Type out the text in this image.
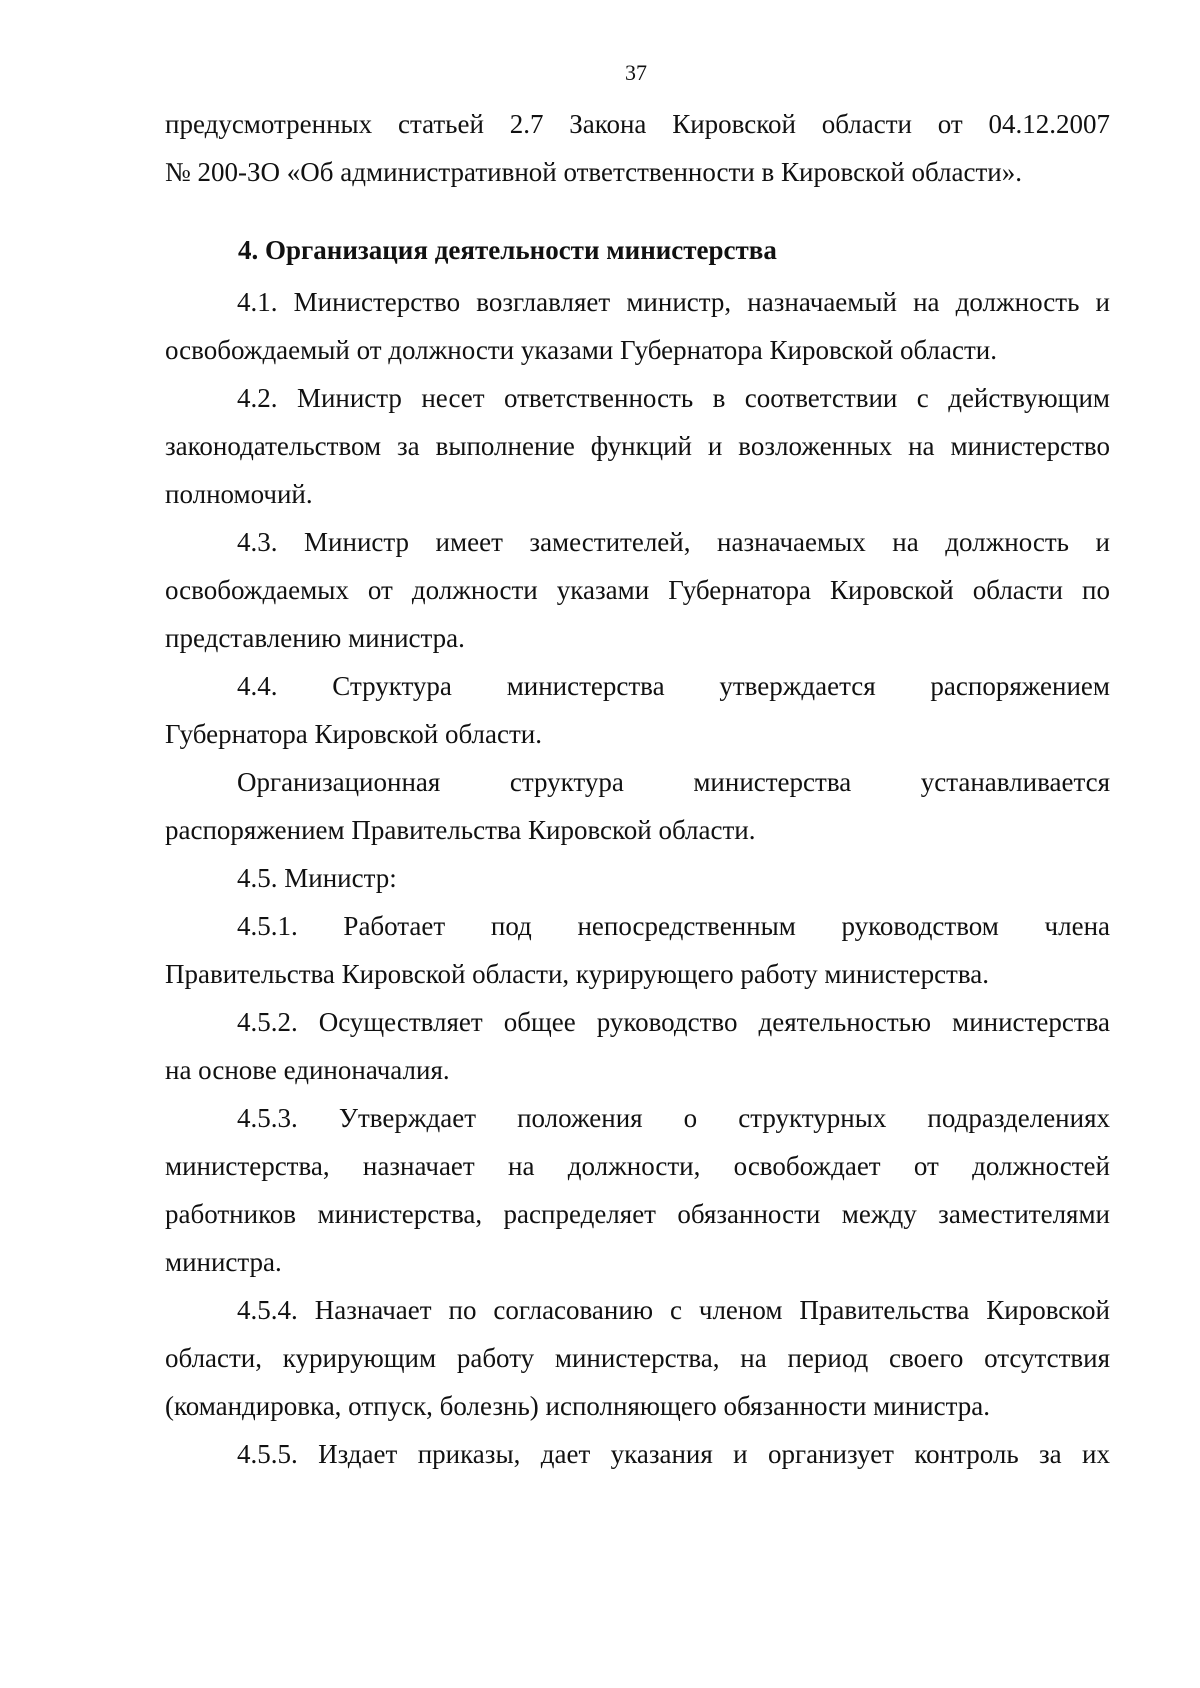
37
предусмотренных статьей 2.7 Закона Кировской области от 04.12.2007
№ 200-ЗО «Об административной ответственности в Кировской области».
4. Организация деятельности министерства
4.1. Министерство возглавляет министр, назначаемый на должность и
освобождаемый от должности указами Губернатора Кировской области.
4.2. Министр несет ответственность в соответствии с действующим
законодательством за выполнение функций и возложенных на министерство
полномочий.
4.3. Министр имеет заместителей, назначаемых на должность и
освобождаемых от должности указами Губернатора Кировской области по
представлению министра.
4.4. Структура министерства утверждается распоряжением
Губернатора Кировской области.
Организационная структура министерства устанавливается
распоряжением Правительства Кировской области.
4.5. Министр:
4.5.1. Работает под непосредственным руководством члена
Правительства Кировской области, курирующего работу министерства.
4.5.2. Осуществляет общее руководство деятельностью министерства
на основе единоначалия.
4.5.3. Утверждает положения о структурных подразделениях
министерства, назначает на должности, освобождает от должностей
работников министерства, распределяет обязанности между заместителями
министра.
4.5.4. Назначает по согласованию с членом Правительства Кировской
области, курирующим работу министерства, на период своего отсутствия
(командировка, отпуск, болезнь) исполняющего обязанности министра.
4.5.5. Издает приказы, дает указания и организует контроль за их
